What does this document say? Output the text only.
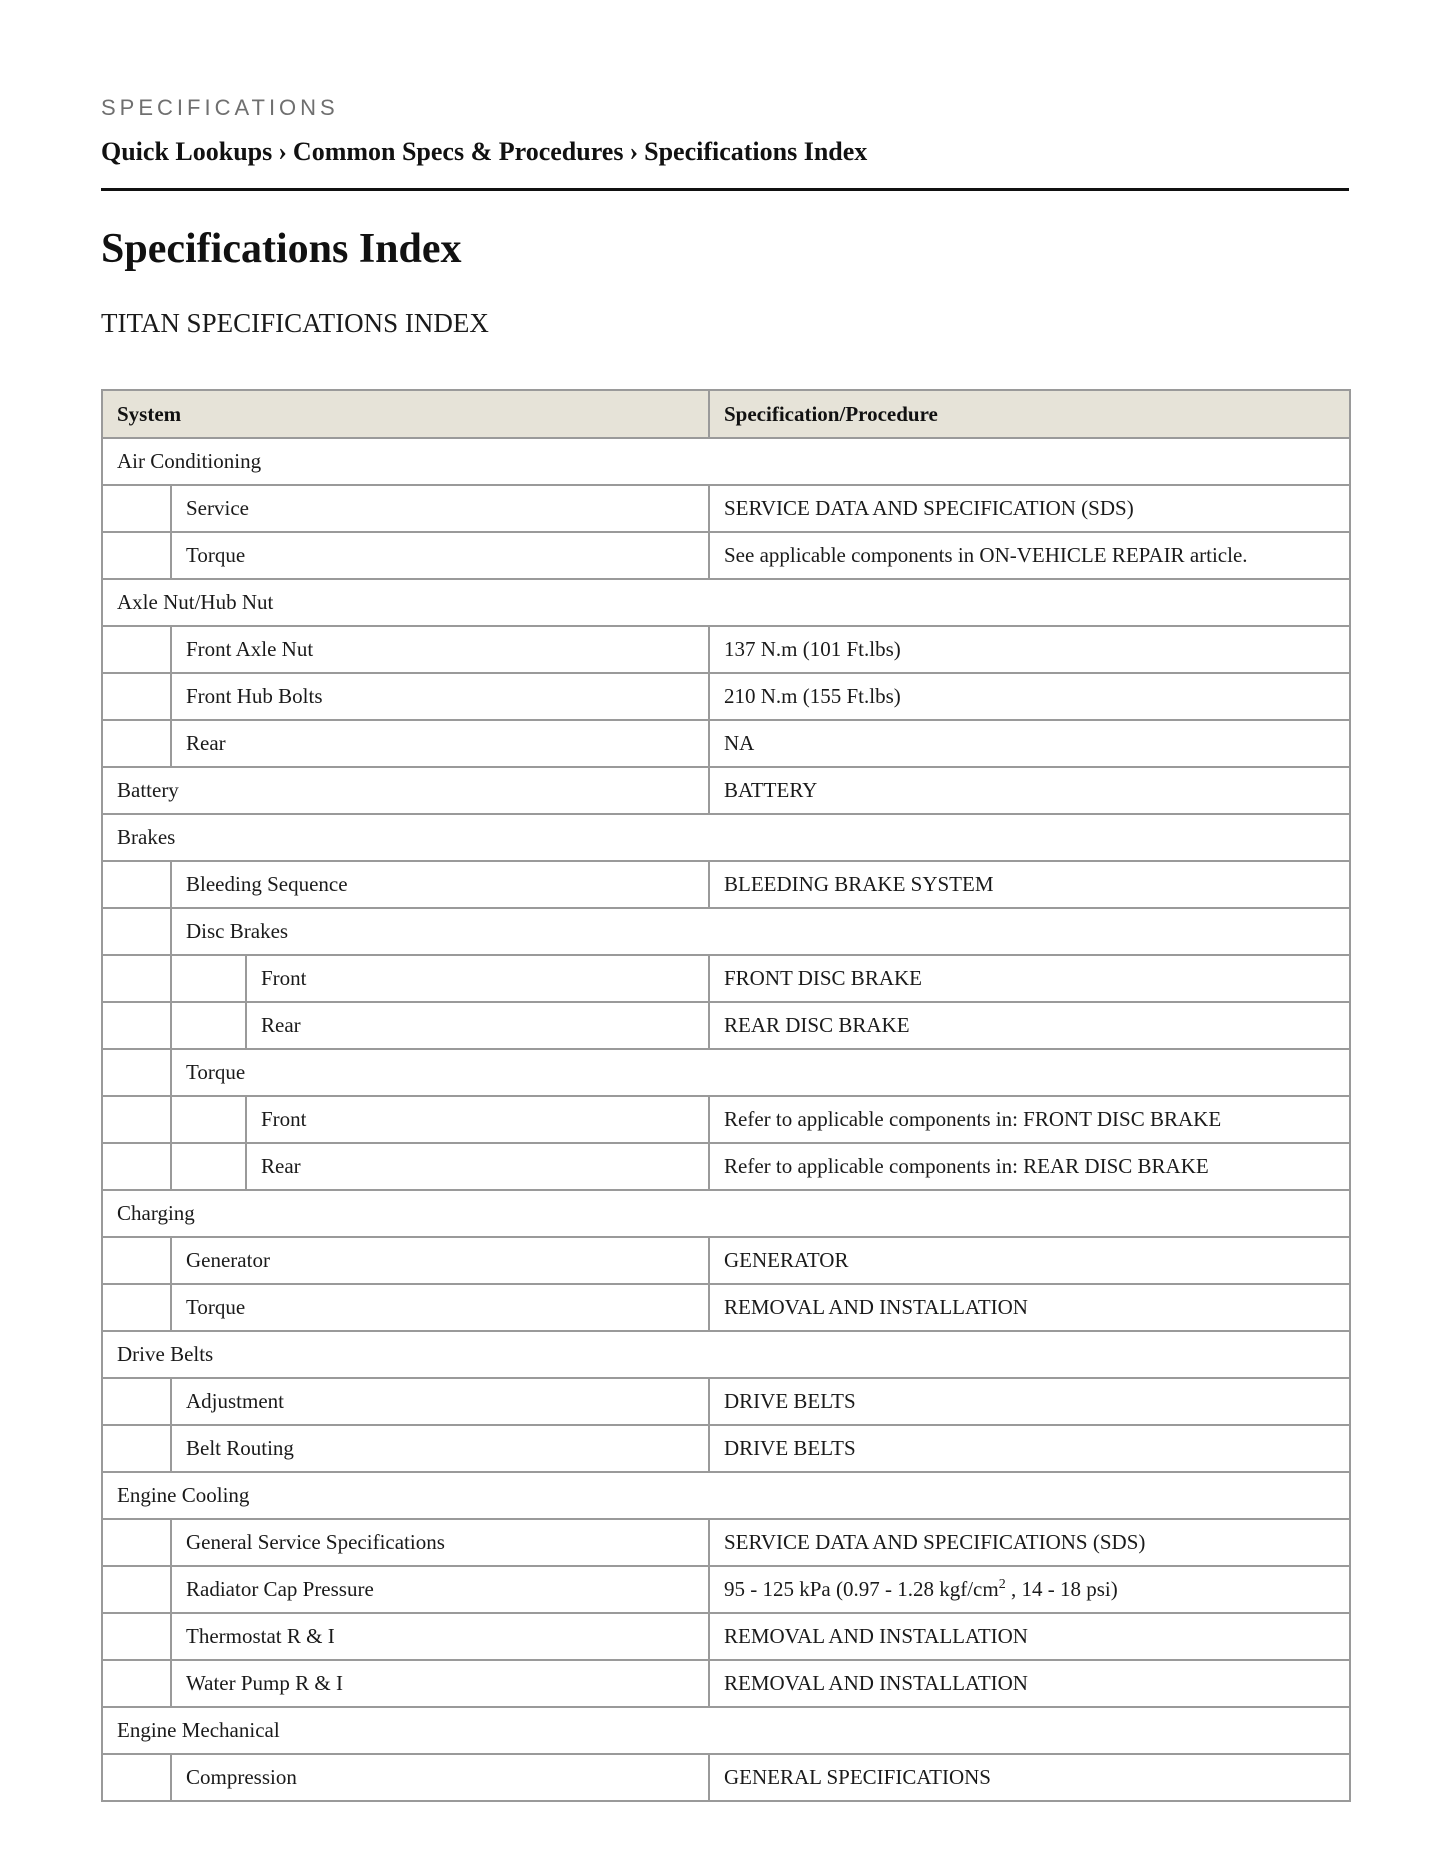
SPECIFICATIONS
Quick Lookups › Common Specs & Procedures › Specifications Index
Specifications Index
TITAN SPECIFICATIONS INDEX
System			Specification/Procedure
Air Conditioning			
	Service		SERVICE DATA AND SPECIFICATION (SDS)
	Torque		See applicable components in ON-VEHICLE REPAIR article.
Axle Nut/Hub Nut			
	Front Axle Nut		137 N.m (101 Ft.lbs)
	Front Hub Bolts		210 N.m (155 Ft.lbs)
	Rear		NA
Battery			BATTERY
Brakes			
	Bleeding Sequence		BLEEDING BRAKE SYSTEM
	Disc Brakes		
		Front	FRONT DISC BRAKE
		Rear	REAR DISC BRAKE
	Torque		
		Front	Refer to applicable components in: FRONT DISC BRAKE
		Rear	Refer to applicable components in: REAR DISC BRAKE
Charging			
	Generator		GENERATOR
	Torque		REMOVAL AND INSTALLATION
Drive Belts			
	Adjustment		DRIVE BELTS
	Belt Routing		DRIVE BELTS
Engine Cooling			
	General Service Specifications		SERVICE DATA AND SPECIFICATIONS (SDS)
	Radiator Cap Pressure		95 - 125 kPa (0.97 - 1.28 kgf/$cm^2$ , 14 - 18 psi)
	Thermostat R & I		REMOVAL AND INSTALLATION
	Water Pump R & I		REMOVAL AND INSTALLATION
Engine Mechanical			
	Compression		GENERAL SPECIFICATIONS
